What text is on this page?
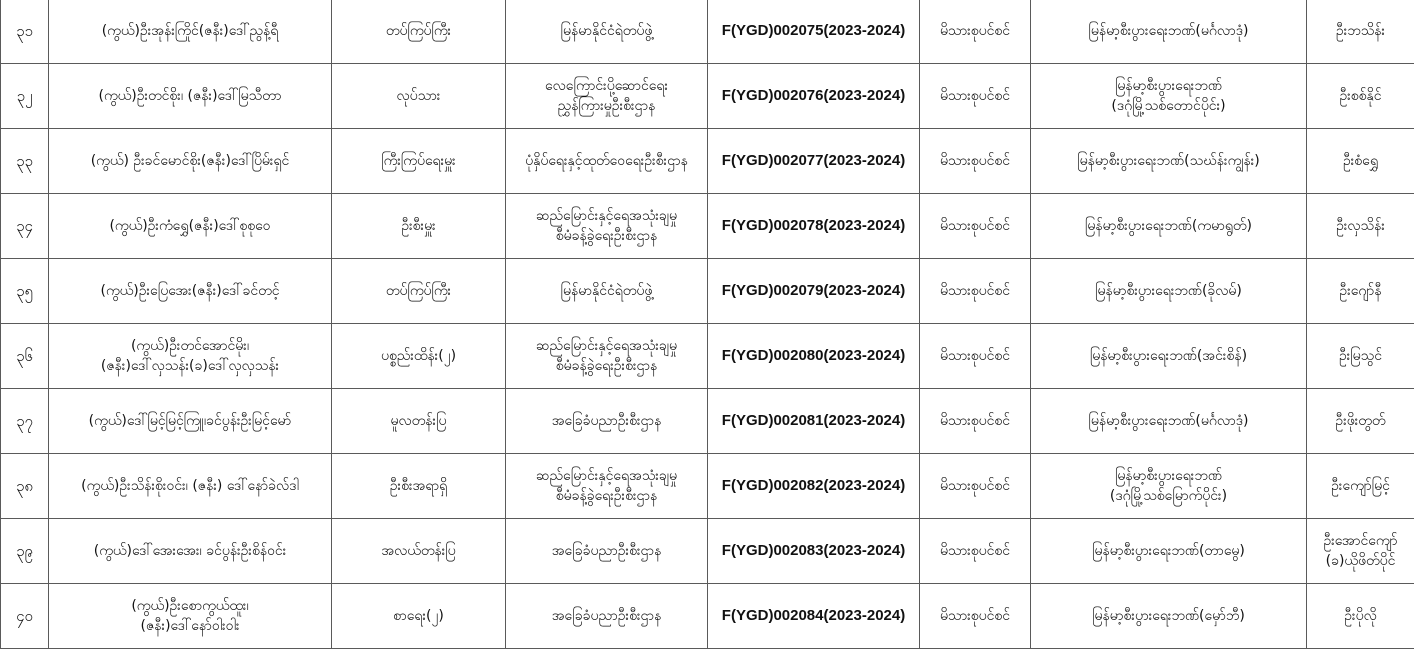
၃၁	(ကွယ်)ဦးအုန်းကြိုင်(ဇနီး)ဒေါ်ညွန့်ရီ	တပ်ကြပ်ကြီး	မြန်မာနိုင်ငံရဲတပ်ဖွဲ့	F(YGD)002075(2023-2024)	မိသားစုပင်စင်	မြန်မာ့စီးပွားရေးဘဏ်(မင်္ဂလာဒုံ)	ဦးဘသိန်း

၃၂	(ကွယ်)ဦးတင်စိုး၊ (ဇနီး)ဒေါ်မြသီတာ	လုပ်သား	လေကြောင်းပို့ဆောင်ရေး
ညွှန်ကြားမှုဦးစီးဌာန	F(YGD)002076(2023-2024)	မိသားစုပင်စင်	မြန်မာ့စီးပွားရေးဘဏ်
(ဒဂုံမြို့သစ်တောင်ပိုင်း)	ဦးစစ်နိုင်

၃၃	(ကွယ်) ဦးခင်မောင်စိုး(ဇနီး)ဒေါ်ပြိမ်းရှင်	ကြီးကြပ်ရေးမှူး	ပုံနှိပ်ရေးနှင့်ထုတ်ဝေရေးဦးစီးဌာန	F(YGD)002077(2023-2024)	မိသားစုပင်စင်	မြန်မာ့စီးပွားရေးဘဏ်(သဃ်န်းကျွန်း)	ဦးစံရွှေ

၃၄	(ကွယ်)ဦးကံရွှေ(ဇနီး)ဒေါ်စုစုဝေ	ဦးစီးမှူး	ဆည်မြောင်းနှင့်ရေအသုံးချမှု
စီမံခန့်ခွဲရေးဦးစီးဌာန	F(YGD)002078(2023-2024)	မိသားစုပင်စင်	မြန်မာ့စီးပွားရေးဘဏ်(ကမာရွတ်)	ဦးလှသိန်း

၃၅	(ကွယ်)ဦးပြေအေး(ဇနီး)ဒေါ်ခင်တင့်	တပ်ကြပ်ကြီး	မြန်မာနိုင်ငံရဲတပ်ဖွဲ့	F(YGD)002079(2023-2024)	မိသားစုပင်စင်	မြန်မာ့စီးပွားရေးဘဏ်(ခိုလမ်)	ဦးဂျော်နီ

၃၆	(ကွယ်)ဦးတင်အောင်မိုး၊
(ဇနီး)ဒေါ်လှသန်း(ခ)ဒေါ်လှလှသန်း	ပစ္စည်းထိန်း(၂)	ဆည်မြောင်းနှင့်ရေအသုံးချမှု
စီမံခန့်ခွဲရေးဦးစီးဌာန	F(YGD)002080(2023-2024)	မိသားစုပင်စင်	မြန်မာ့စီးပွားရေးဘဏ်(အင်းစိန်)	ဦးမြသွင်

၃၇	(ကွယ်)ဒေါ်မြင့်မြင့်ကြူ၊ခင်ပွန်းဦးမြင့်မော်	မူလတန်းပြ	အခြေခံပညာဦးစီးဌာန	F(YGD)002081(2023-2024)	မိသားစုပင်စင်	မြန်မာ့စီးပွားရေးဘဏ်(မင်္ဂလာဒုံ)	ဦးဖိုးတွတ်

၃၈	(ကွယ်)ဦးသိန်းစိုးဝင်း၊ (ဇနီး) ဒေါ်နော်ခဲလ်ဒါ	ဦးစီးအရာရှိ	ဆည်မြောင်းနှင့်ရေအသုံးချမှု
စီမံခန့်ခွဲရေးဦးစီးဌာန	F(YGD)002082(2023-2024)	မိသားစုပင်စင်	မြန်မာ့စီးပွားရေးဘဏ်
(ဒဂုံမြို့သစ်မြောက်ပိုင်း)	ဦးကျော်မြင့်

၃၉	(ကွယ်)ဒေါ်အေးအေး၊ ခင်ပွန်းဦးစိန်ဝင်း	အလယ်တန်းပြ	အခြေခံပညာဦးစီးဌာန	F(YGD)002083(2023-2024)	မိသားစုပင်စင်	မြန်မာ့စီးပွားရေးဘဏ်(တာမွေ)	ဦးအောင်ကျော်
(ခ)ယိုဖိတ်ပိုင်

၄၀	(ကွယ်)ဦးစောကွယ်ထူး၊
(ဇနီး)ဒေါ်နော်ဝါးဝါး	စာရေး(၂)	အခြေခံပညာဦးစီးဌာန	F(YGD)002084(2023-2024)	မိသားစုပင်စင်	မြန်မာ့စီးပွားရေးဘဏ်(မှော်ဘီ)	ဦးပိုလို
